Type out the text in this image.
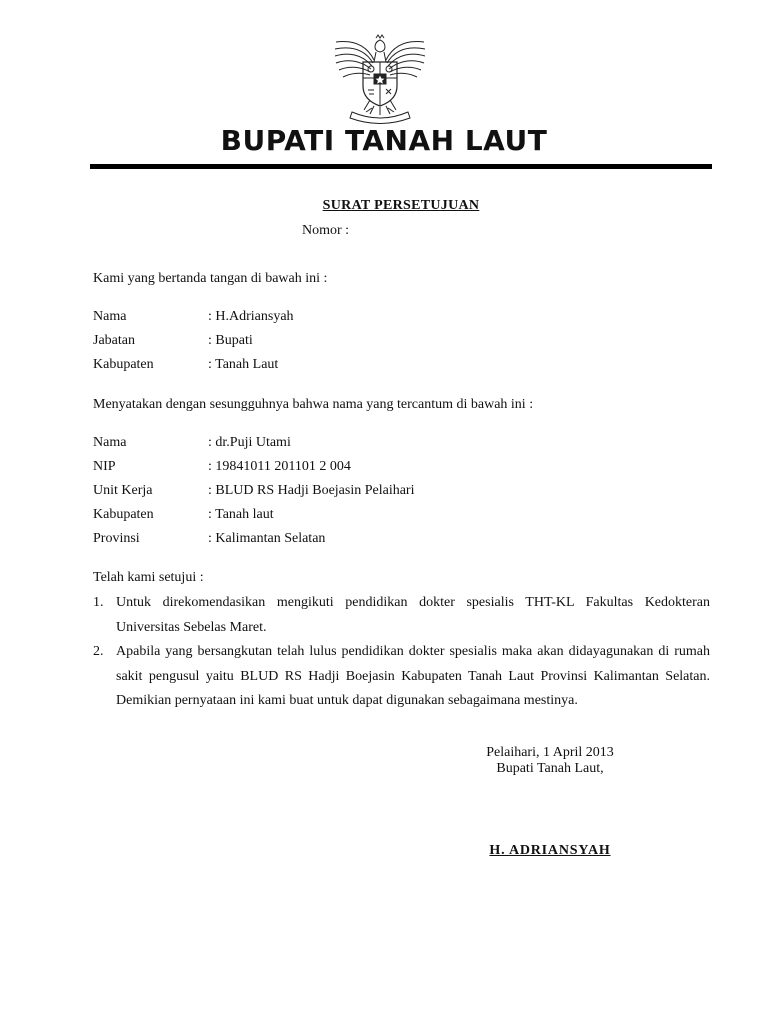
BUPATI TANAH LAUT
SURAT PERSETUJUAN
Nomor :
Kami yang bertanda tangan di bawah ini :
Nama	: H.Adriansyah
Jabatan	: Bupati
Kabupaten	: Tanah Laut
Menyatakan dengan sesungguhnya bahwa nama yang tercantum di bawah ini :
Nama	: dr.Puji Utami
NIP	: 19841011 201101 2 004
Unit Kerja	: BLUD RS Hadji Boejasin Pelaihari
Kabupaten	: Tanah laut
Provinsi	: Kalimantan Selatan
Telah kami setujui :
1. Untuk direkomendasikan mengikuti pendidikan dokter spesialis THT-KL Fakultas Kedokteran Universitas Sebelas Maret.
2. Apabila yang bersangkutan telah lulus pendidikan dokter spesialis maka akan didayagunakan di rumah sakit pengusul yaitu BLUD RS Hadji Boejasin Kabupaten Tanah Laut Provinsi Kalimantan Selatan. Demikian pernyataan ini kami buat untuk dapat digunakan sebagaimana mestinya.
Pelaihari, 1 April 2013
Bupati Tanah Laut,
H. ADRIANSYAH
